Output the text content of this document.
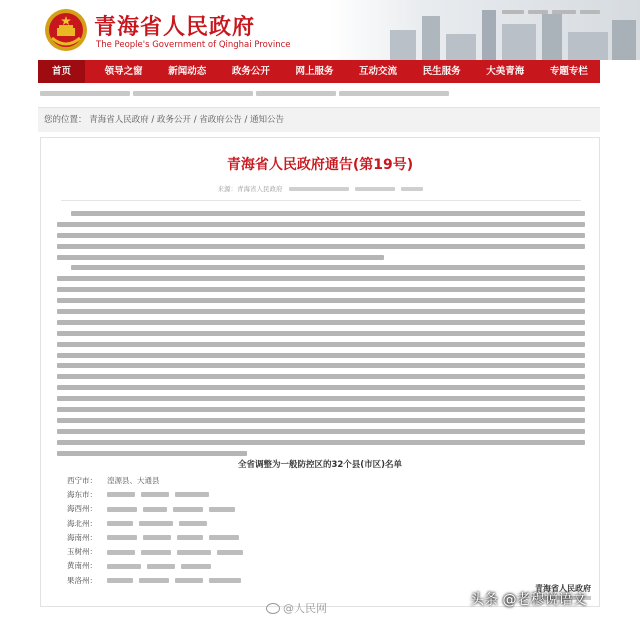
青海省人民政府
The People's Government of Qinghai Province
首页	领导之窗	新闻动态	政务公开	网上服务	互动交流	民生服务	大美青海	专题专栏
您的位置： 青海省人民政府 / 政务公开 / 省政府公告 / 通知公告
青海省人民政府通告(第19号)
来源：青海省人民政府
全省调整为一般防控区的32个县(市区)名单
西宁市：	湟源县、大通县
海东市：
海西州：
海北州：
海南州：
玉树州：
黄南州：
果洛州：
青海省人民政府
@人民网
头条 @老穆说语文
